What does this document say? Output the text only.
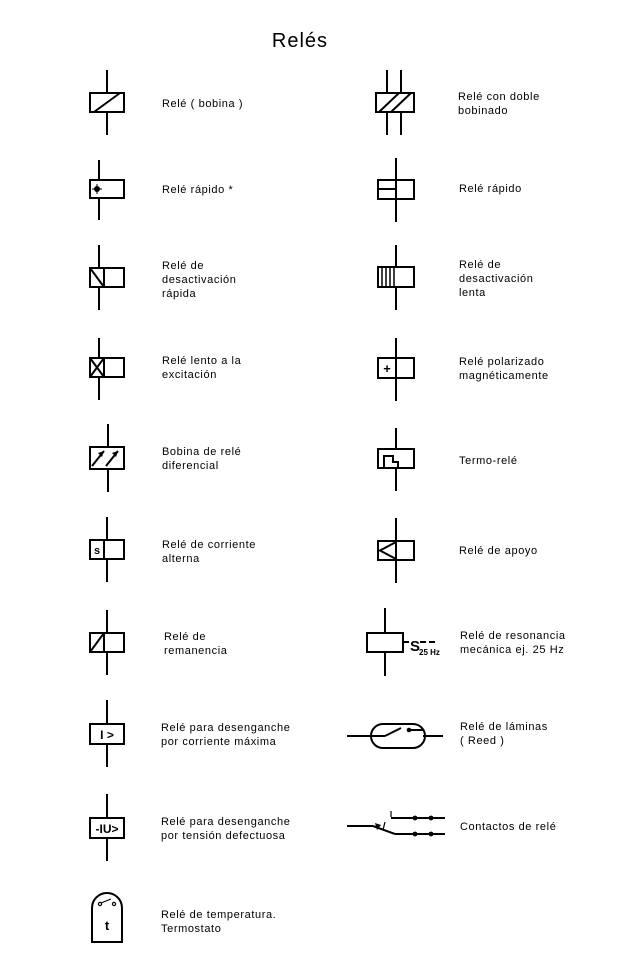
Relés
s
I >
-IU>
t
+
S
25 Hz
Relé ( bobina )
Relé con doble
bobinado
Relé rápido *	Relé rápido
Relé de
desactivación
rápida
Relé de
desactivación
lenta
Relé lento a la
excitación
Relé polarizado
magnéticamente
Bobina de relé
diferencial	Termo-relé
Relé de corriente
alterna
Relé de apoyo
Relé de
remanencia
Relé de resonancia
mecánica ej. 25 Hz
Relé para desenganche
por corriente máxima
Relé de láminas
( Reed )
Relé para desenganche
por tensión defectuosa
Contactos de relé
Relé de temperatura.
Termostato
